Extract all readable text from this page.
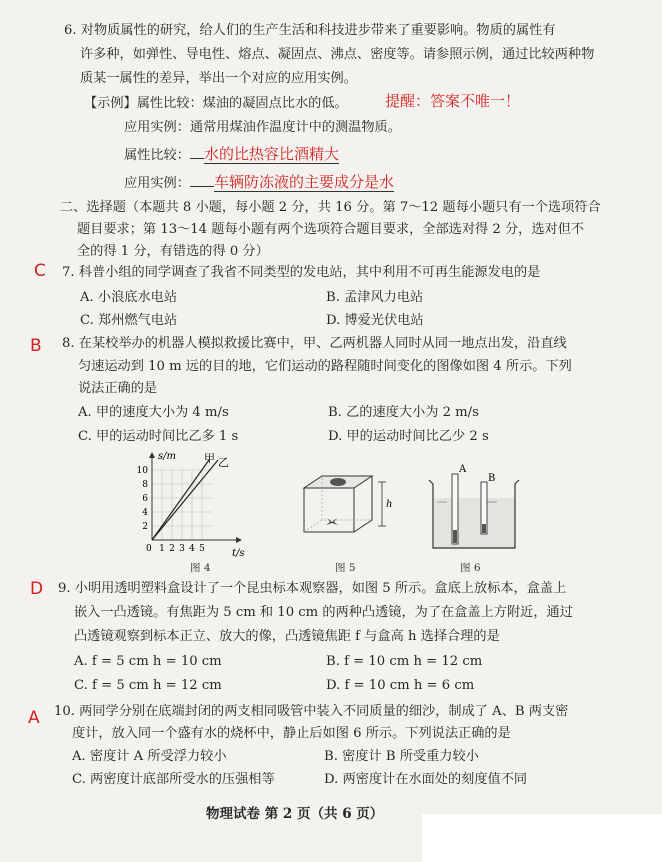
6. 对物质属性的研究，给人们的生产生活和科技进步带来了重要影响。物质的属性有
许多种，如弹性、导电性、熔点、凝固点、沸点、密度等。请参照示例，通过比较两种物
质某一属性的差异，举出一个对应的应用实例。
【示例】属性比较：煤油的凝固点比水的低。 提醒：答案不唯一！
应用实例：通常用煤油作温度计中的测温物质。
属性比较： 水的比热容比酒精大
应用实例： 车辆防冻液的主要成分是水
二、选择题（本题共 8 小题，每小题 2 分，共 16 分。第 7～12 题每小题只有一个选项符合
题目要求；第 13～14 题每小题有两个选项符合题目要求，全部选对得 2 分，选对但不
全的得 1 分，有错选的得 0 分）
C 7. 科普小组的同学调查了我省不同类型的发电站，其中利用不可再生能源发电的是
A. 小浪底水电站	B. 孟津风力电站
C. 郑州燃气电站	D. 博爱光伏电站
B 8. 在某校举办的机器人模拟救援比赛中，甲、乙两机器人同时从同一地点出发，沿直线
匀速运动到 10 m 远的目的地，它们运动的路程随时间变化的图像如图 4 所示。下列
说法正确的是
A. 甲的速度大小为 4 m/s	B. 乙的速度大小为 2 m/s
C. 甲的运动时间比乙多 1 s	D. 甲的运动时间比乙少 2 s
s/m	甲 乙
10
8
6
4
2
0 1 2 3 4 5	t/s
图 4
h
图 5
A
B
图 6
D 9. 小明用透明塑料盒设计了一个昆虫标本观察器，如图 5 所示。盒底上放标本，盒盖上
嵌入一凸透镜。有焦距为 5 cm 和 10 cm 的两种凸透镜，为了在盒盖上方附近，通过
凸透镜观察到标本正立、放大的像，凸透镜焦距 f 与盒高 h 选择合理的是
A. f = 5 cm h = 10 cm	B. f = 10 cm h = 12 cm
C. f = 5 cm h = 12 cm	D. f = 10 cm h = 6 cm
A 10. 两同学分别在底端封闭的两支相同吸管中装入不同质量的细沙，制成了 A、B 两支密
度计，放入同一个盛有水的烧杯中，静止后如图 6 所示。下列说法正确的是
A. 密度计 A 所受浮力较小	B. 密度计 B 所受重力较小
C. 两密度计底部所受水的压强相等	D. 两密度计在水面处的刻度值不同
物理试卷 第 2 页（共 6 页）
